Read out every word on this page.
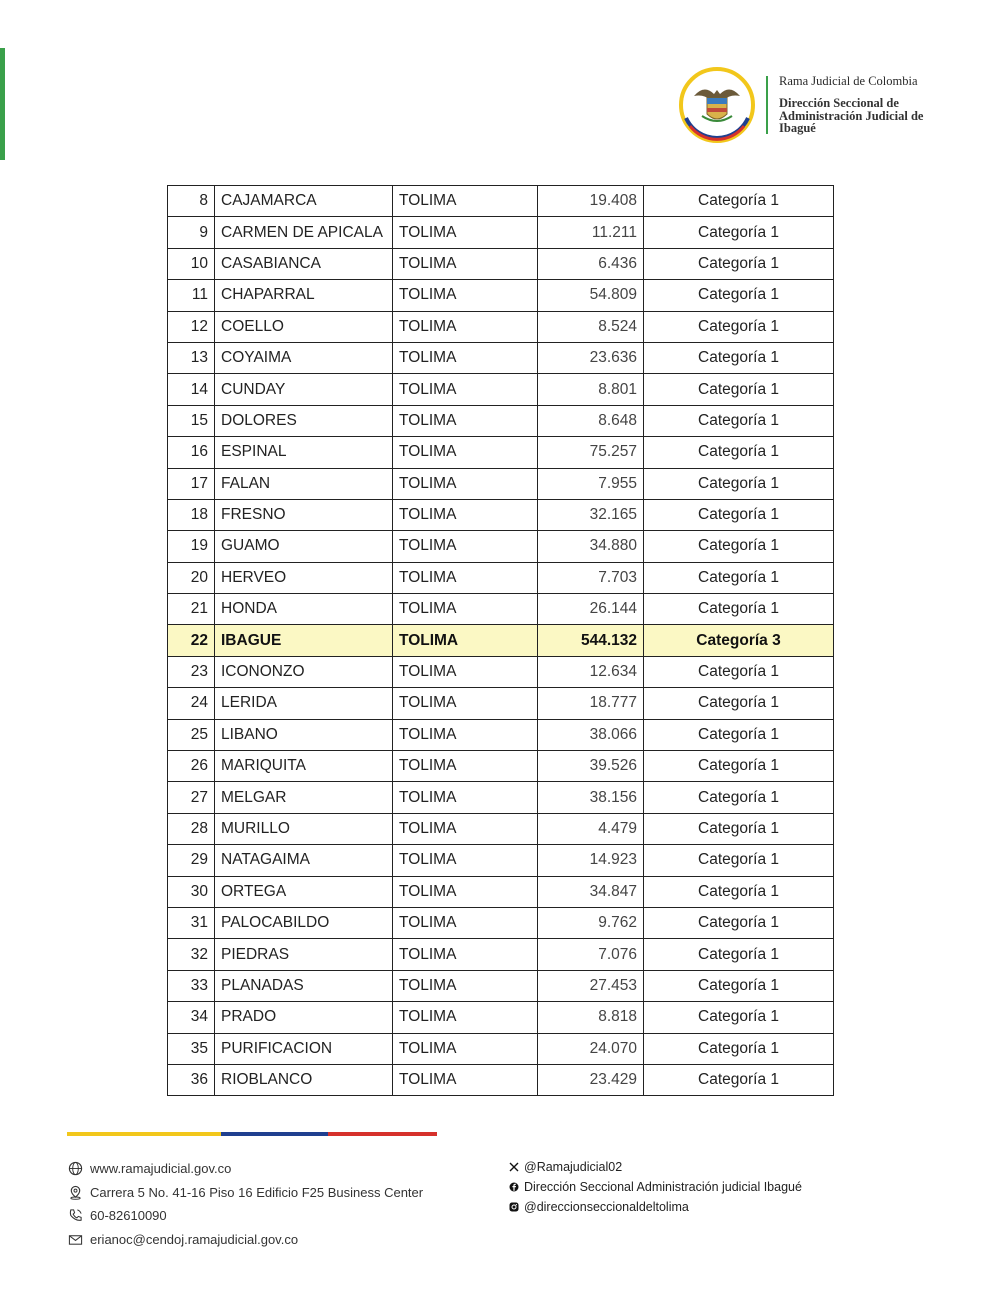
Rama Judicial de Colombia
Dirección Seccional de Administración Judicial de Ibagué
8	CAJAMARCA	TOLIMA	19.408	Categoría 1
9	CARMEN DE APICALA	TOLIMA	11.211	Categoría 1
10	CASABIANCA	TOLIMA	6.436	Categoría 1
11	CHAPARRAL	TOLIMA	54.809	Categoría 1
12	COELLO	TOLIMA	8.524	Categoría 1
13	COYAIMA	TOLIMA	23.636	Categoría 1
14	CUNDAY	TOLIMA	8.801	Categoría 1
15	DOLORES	TOLIMA	8.648	Categoría 1
16	ESPINAL	TOLIMA	75.257	Categoría 1
17	FALAN	TOLIMA	7.955	Categoría 1
18	FRESNO	TOLIMA	32.165	Categoría 1
19	GUAMO	TOLIMA	34.880	Categoría 1
20	HERVEO	TOLIMA	7.703	Categoría 1
21	HONDA	TOLIMA	26.144	Categoría 1
22	IBAGUE	TOLIMA	544.132	Categoría 3
23	ICONONZO	TOLIMA	12.634	Categoría 1
24	LERIDA	TOLIMA	18.777	Categoría 1
25	LIBANO	TOLIMA	38.066	Categoría 1
26	MARIQUITA	TOLIMA	39.526	Categoría 1
27	MELGAR	TOLIMA	38.156	Categoría 1
28	MURILLO	TOLIMA	4.479	Categoría 1
29	NATAGAIMA	TOLIMA	14.923	Categoría 1
30	ORTEGA	TOLIMA	34.847	Categoría 1
31	PALOCABILDO	TOLIMA	9.762	Categoría 1
32	PIEDRAS	TOLIMA	7.076	Categoría 1
33	PLANADAS	TOLIMA	27.453	Categoría 1
34	PRADO	TOLIMA	8.818	Categoría 1
35	PURIFICACION	TOLIMA	24.070	Categoría 1
36	RIOBLANCO	TOLIMA	23.429	Categoría 1
www.ramajudicial.gov.co
Carrera 5 No. 41-16 Piso 16 Edificio F25 Business Center
60-82610090
erianoc@cendoj.ramajudicial.gov.co
@Ramajudicial02
Dirección Seccional Administración judicial Ibagué
@direccionseccionaldeltolima
